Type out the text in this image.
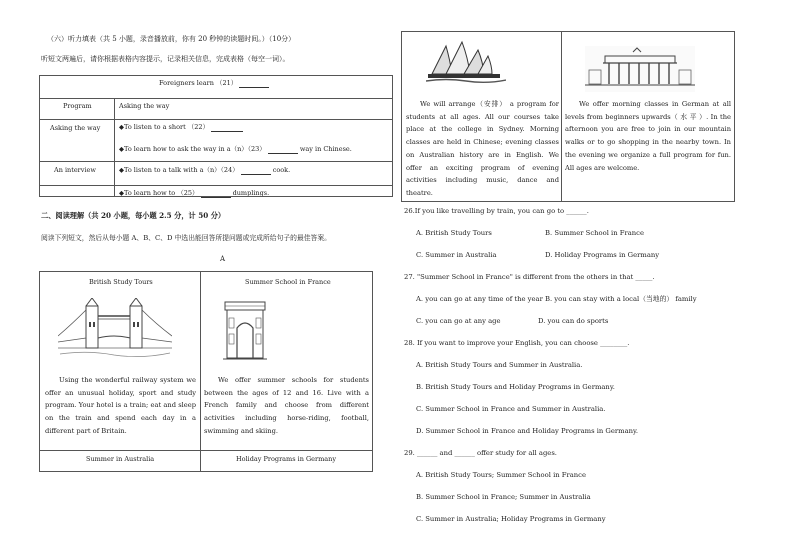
（六）听力填表（共 5 小题，录音播放前，你有 20 秒钟的读题时间。）（10分）
听短文两遍后，请你根据表格内容提示，记录相关信息，完成表格（每空一词）。
Foreigners learn （21）
Program	Asking the way
Asking the way	◆To listen to a short （22）
◆To learn how to ask the way in a（n）（23）	way in Chinese.
An interview	◆To listen to a talk with a（n）（24）	cook.
◆To learn how to （25）	dumplings.
二、阅读理解（共 20 小题，每小题 2.5 分，计 50 分）
阅读下列短文，然后从每小题 A、B、C、D 中选出能回答所提问题或完成所给句子的最佳答案。
A
British Study Tours	Summer School in France
Using the wonderful railway system we offer an unusual holiday, sport and study program. Your hotel is a train; eat and sleep on the train and spend each day in a different part of Britain.
We offer summer schools for students between the ages of 12 and 16. Live with a French family and choose from different activities including horse-riding, football, swimming and skiing.
Summer in Australia	Holiday Programs in Germany
We will arrange（安排） a program for students at all ages. All our courses take place at the college in Sydney. Morning classes are held in Chinese; evening classes on Australian history are in English. We offer an exciting program of evening activities including music, dance and theatre.
We offer morning classes in German at all levels from beginners upwards（ 水 平 ）. In the afternoon you are free to join in our mountain walks or to go shopping in the nearby town. In the evening we organize a full program for fun. All ages are welcome.
26.If you like travelling by train, you can go to ______.
A. British Study Tours	B. Summer School in France
C. Summer in Australia	D. Holiday Programs in Germany
27. "Summer School in France" is different from the others in that _____.
A. you can go at any time of the year B. you can stay with a local（当地的） family
C. you can go at any age	D. you can do sports
28. If you want to improve your English, you can choose ________.
A. British Study Tours and Summer in Australia.
B. British Study Tours and Holiday Programs in Germany.
C. Summer School in France and Summer in Australia.
D. Summer School in France and Holiday Programs in Germany.
29. ______ and ______ offer study for all ages.
A. British Study Tours; Summer School in France
B. Summer School in France; Summer in Australia
C. Summer in Australia; Holiday Programs in Germany
